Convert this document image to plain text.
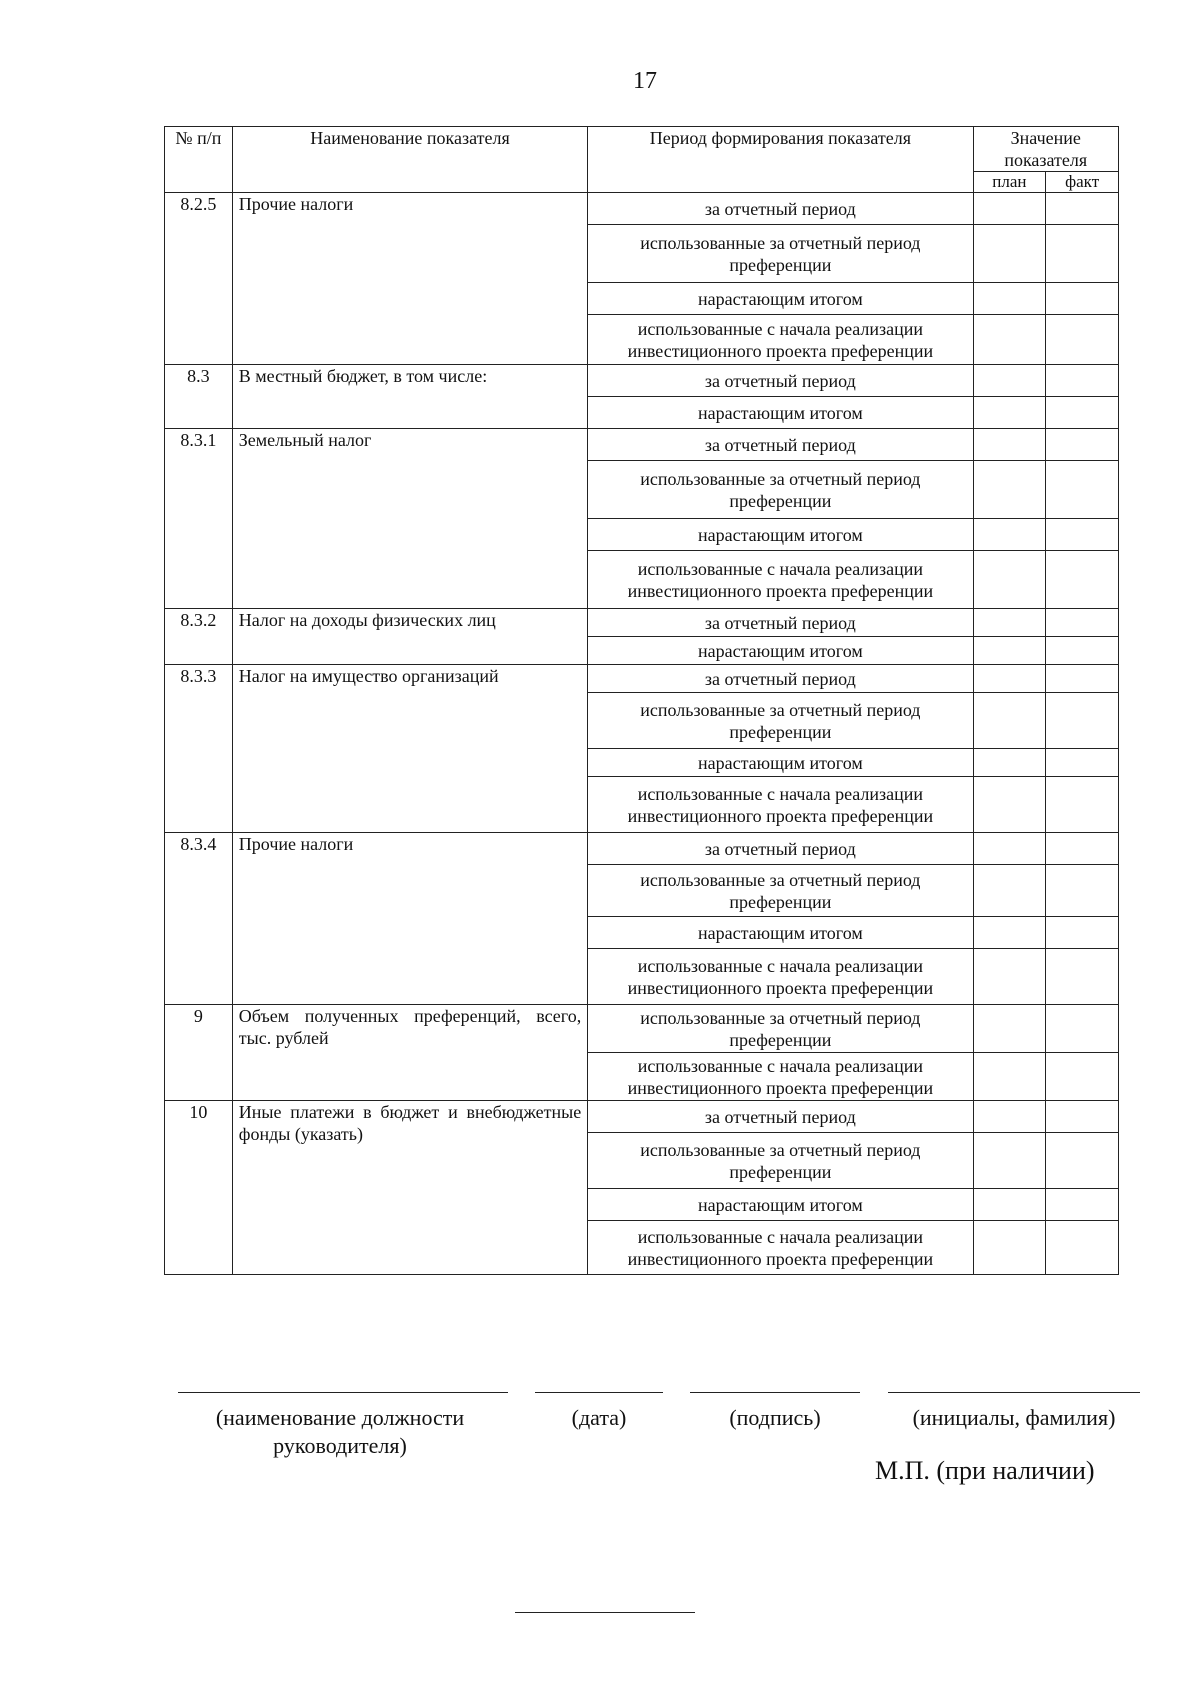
17
№ п/п	Наименование показателя	Период формирования показателя	Значение показателя	
			план	факт
8.2.5	Прочие налоги	за отчетный период		
		использованные за отчетный период преференции		
		нарастающим итогом		
		использованные с начала реализации инвестиционного проекта преференции		
8.3	В местный бюджет, в том числе:	за отчетный период		
		нарастающим итогом		
8.3.1	Земельный налог	за отчетный период		
		использованные за отчетный период преференции		
		нарастающим итогом		
		использованные с начала реализации инвестиционного проекта преференции		
8.3.2	Налог на доходы физических лиц	за отчетный период		
		нарастающим итогом		
8.3.3	Налог на имущество организаций	за отчетный период		
		использованные за отчетный период преференции		
		нарастающим итогом		
		использованные с начала реализации инвестиционного проекта преференции		
8.3.4	Прочие налоги	за отчетный период		
		использованные за отчетный период преференции		
		нарастающим итогом		
		использованные с начала реализации инвестиционного проекта преференции		
9	Объем полученных преференций, всего, тыс. рублей	использованные за отчетный период преференции		
		использованные с начала реализации инвестиционного проекта преференции		
10	Иные платежи в бюджет и внебюджетные фонды (указать)	за отчетный период		
		использованные за отчетный период преференции		
		нарастающим итогом		
		использованные с начала реализации инвестиционного проекта преференции		
(наименование должности руководителя)
(дата)	(подпись)	(инициалы, фамилия)
М.П. (при наличии)
